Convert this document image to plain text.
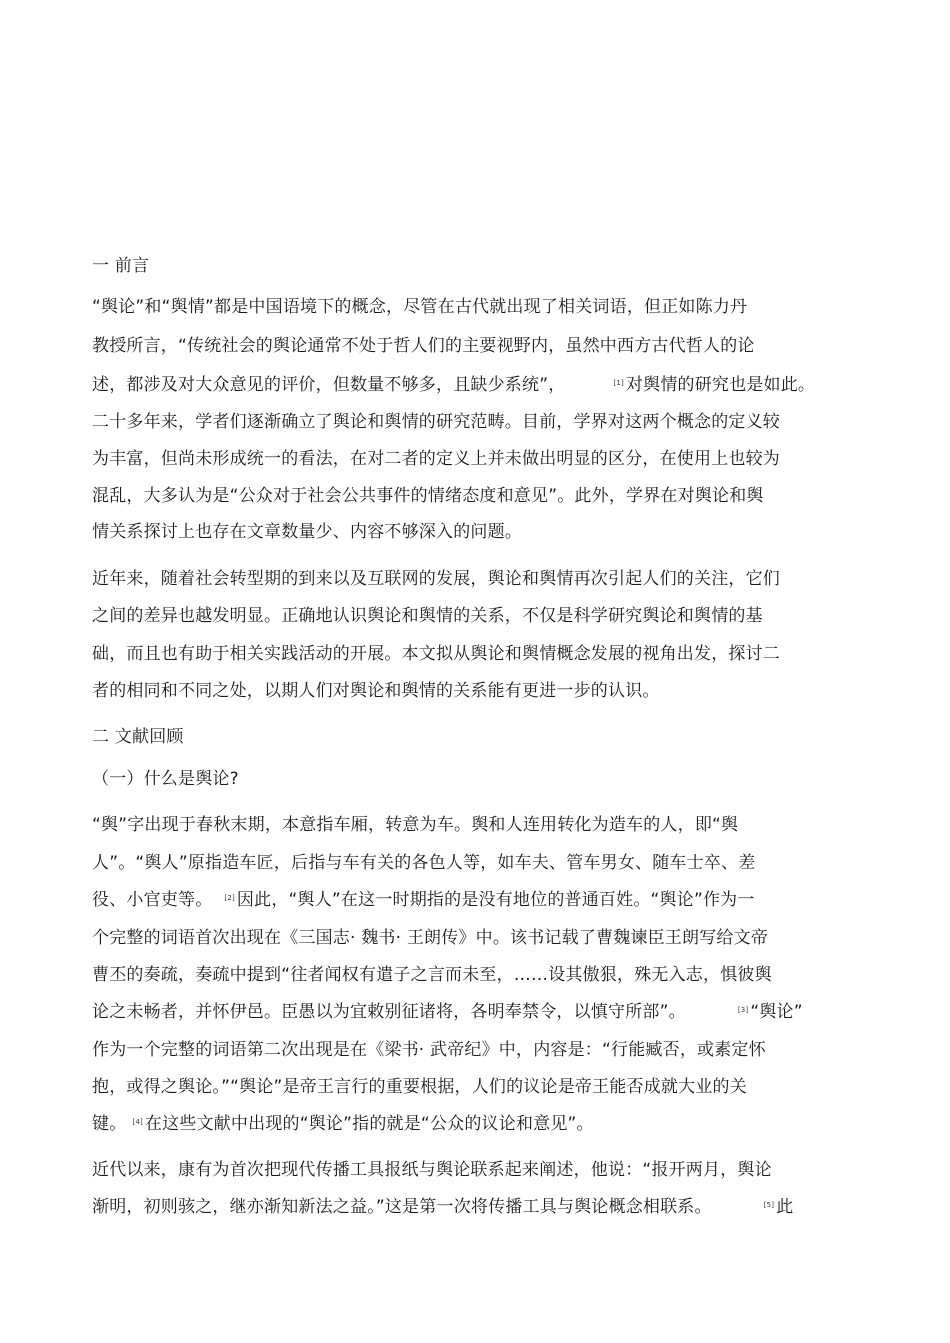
一 前言
“舆论”和“舆情”都是中国语境下的概念，尽管在古代就出现了相关词语，但正如陈力丹
教授所言，“传统社会的舆论通常不处于哲人们的主要视野内，虽然中西方古代哲人的论
述，都涉及对大众意见的评价，但数量不够多，且缺少系统”，	[1] 对舆情的研究也是如此。
二十多年来，学者们逐渐确立了舆论和舆情的研究范畴。目前，学界对这两个概念的定义较
为丰富，但尚未形成统一的看法，在对二者的定义上并未做出明显的区分，在使用上也较为
混乱，大多认为是“公众对于社会公共事件的情绪态度和意见”。此外，学界在对舆论和舆
情关系探讨上也存在文章数量少、内容不够深入的问题。
近年来，随着社会转型期的到来以及互联网的发展，舆论和舆情再次引起人们的关注，它们
之间的差异也越发明显。正确地认识舆论和舆情的关系，不仅是科学研究舆论和舆情的基
础，而且也有助于相关实践活动的开展。本文拟从舆论和舆情概念发展的视角出发，探讨二
者的相同和不同之处，以期人们对舆论和舆情的关系能有更进一步的认识。
二 文献回顾
（一）什么是舆论?
“舆”字出现于春秋末期，本意指车厢，转意为车。舆和人连用转化为造车的人，即“舆
人”。“舆人”原指造车匠，后指与车有关的各色人等，如车夫、管车男女、随车士卒、差
役、小官吏等。 [2] 因此，“舆人”在这一时期指的是没有地位的普通百姓。“舆论”作为一
个完整的词语首次出现在《三国志· 魏书· 王朗传》中。该书记载了曹魏谏臣王朗写给文帝
曹丕的奏疏，奏疏中提到“往者闻权有遣子之言而未至，……设其傲狠，殊无入志，惧彼舆
论之未畅者，并怀伊邑。臣愚以为宜敕别征诸将，各明奉禁令，以慎守所部”。	[3] “舆论”
作为一个完整的词语第二次出现是在《梁书· 武帝纪》中，内容是：“行能臧否，或素定怀
抱，或得之舆论。”“舆论”是帝王言行的重要根据，人们的议论是帝王能否成就大业的关
键。 [4] 在这些文献中出现的“舆论”指的就是“公众的议论和意见”。
近代以来，康有为首次把现代传播工具报纸与舆论联系起来阐述，他说：“报开两月，舆论
渐明，初则骇之，继亦渐知新法之益。”这是第一次将传播工具与舆论概念相联系。	[5] 此
